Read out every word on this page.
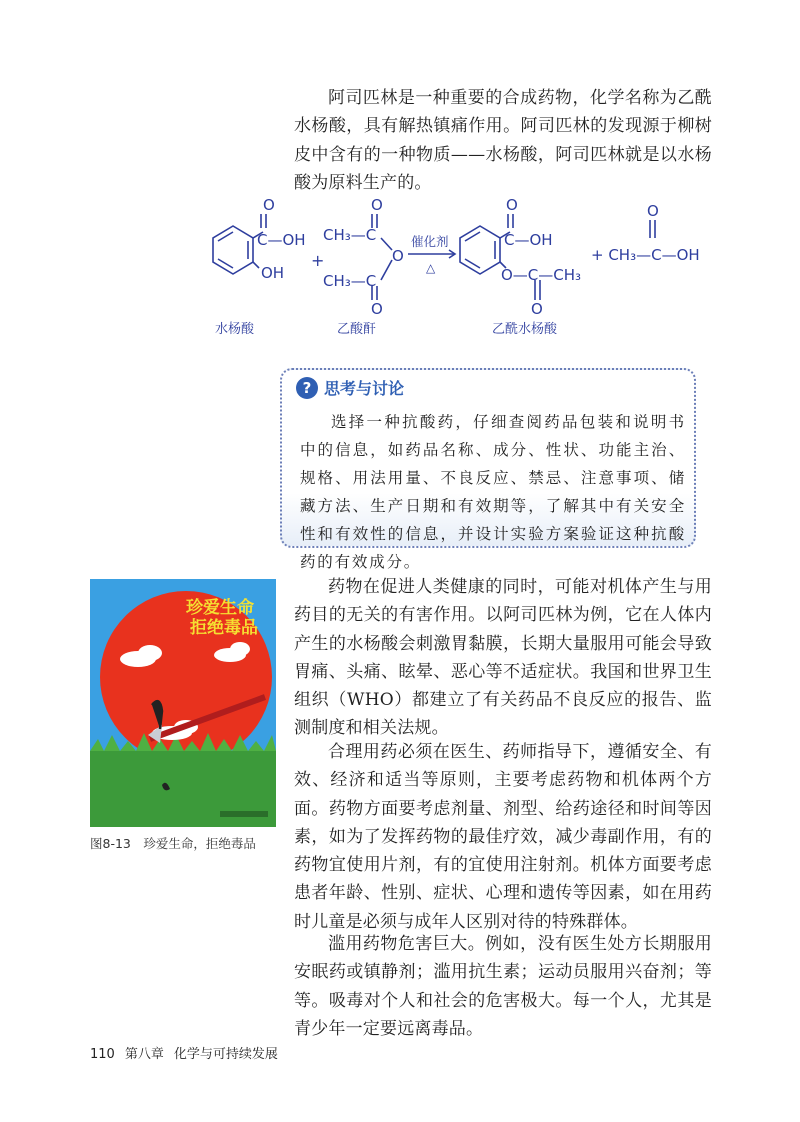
阿司匹林是一种重要的合成药物，化学名称为乙酰水杨酸，具有解热镇痛作用。阿司匹林的发现源于柳树皮中含有的一种物质——水杨酸，阿司匹林就是以水杨酸为原料生产的。

O
C—OH
OH
+
O
CH₃—C
O
CH₃—C
O
催化剂
△
O
C—OH
O—C—CH₃
O
O
+ CH₃—C—OH
水杨酸	乙酸酐	乙酰水杨酸
? 思考与讨论

选择一种抗酸药，仔细查阅药品包装和说明书中的信息，如药品名称、成分、性状、功能主治、规格、用法用量、不良反应、禁忌、注意事项、储藏方法、生产日期和有效期等，了解其中有关安全性和有效性的信息，并设计实验方案验证这种抗酸药的有效成分。

珍爱生命
拒绝毒品
图8-13　珍爱生命，拒绝毒品

药物在促进人类健康的同时，可能对机体产生与用药目的无关的有害作用。以阿司匹林为例，它在人体内产生的水杨酸会刺激胃黏膜，长期大量服用可能会导致胃痛、头痛、眩晕、恶心等不适症状。我国和世界卫生组织（WHO）都建立了有关药品不良反应的报告、监测制度和相关法规。

合理用药必须在医生、药师指导下，遵循安全、有效、经济和适当等原则，主要考虑药物和机体两个方面。药物方面要考虑剂量、剂型、给药途径和时间等因素，如为了发挥药物的最佳疗效，减少毒副作用，有的药物宜使用片剂，有的宜使用注射剂。机体方面要考虑患者年龄、性别、症状、心理和遗传等因素，如在用药时儿童是必须与成年人区别对待的特殊群体。

滥用药物危害巨大。例如，没有医生处方长期服用安眠药或镇静剂；滥用抗生素；运动员服用兴奋剂；等等。吸毒对个人和社会的危害极大。每一个人，尤其是青少年一定要远离毒品。

110 第八章 化学与可持续发展
